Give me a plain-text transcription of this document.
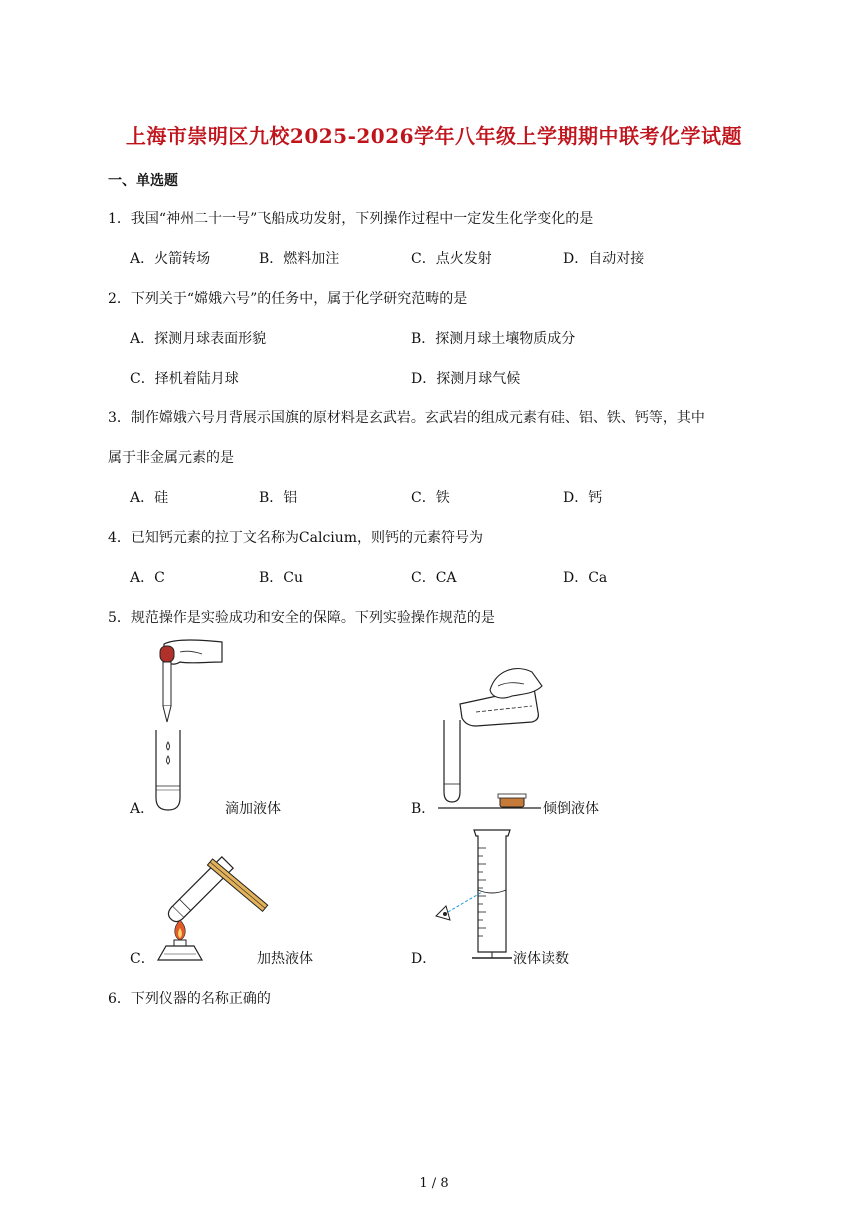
上海市崇明区九校2025-2026学年八年级上学期期中联考化学试题
一、单选题
1．我国“神州二十一号”飞船成功发射，下列操作过程中一定发生化学变化的是
A．火箭转场	B．燃料加注	C．点火发射	D．自动对接
2．下列关于“嫦娥六号”的任务中，属于化学研究范畴的是
A．探测月球表面形貌	B．探测月球土壤物质成分
C．择机着陆月球	D．探测月球气候
3．制作嫦娥六号月背展示国旗的原材料是玄武岩。玄武岩的组成元素有硅、铝、铁、钙等，其中
属于非金属元素的是
A．硅	B．铝	C．铁	D．钙
4．已知钙元素的拉丁文名称为Calcium，则钙的元素符号为
A．C	B．Cu	C．CA	D．Ca
5．规范操作是实验成功和安全的保障。下列实验操作规范的是
A．	滴加液体	B．	倾倒液体
C．	加热液体	D．	液体读数
6．下列仪器的名称正确的
1 / 8
